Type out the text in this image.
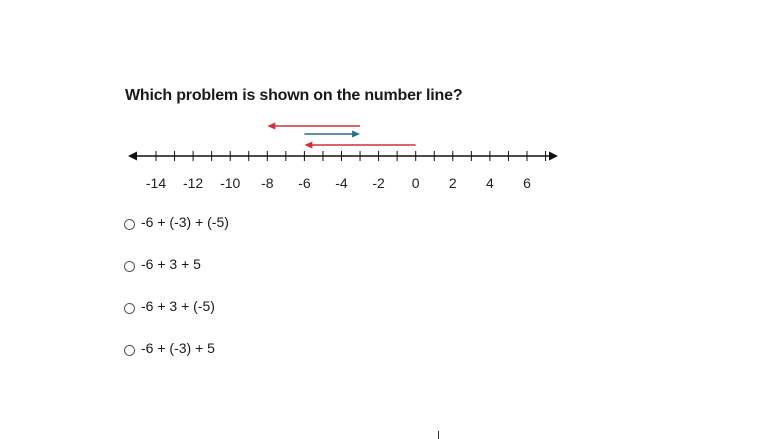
Which problem is shown on the number line?
-14 -12 -10 -8 -6 -4 -2 0 2 4 6
-6 + (-3) + (-5)
-6 + 3 + 5
-6 + 3 + (-5)
-6 + (-3) + 5
